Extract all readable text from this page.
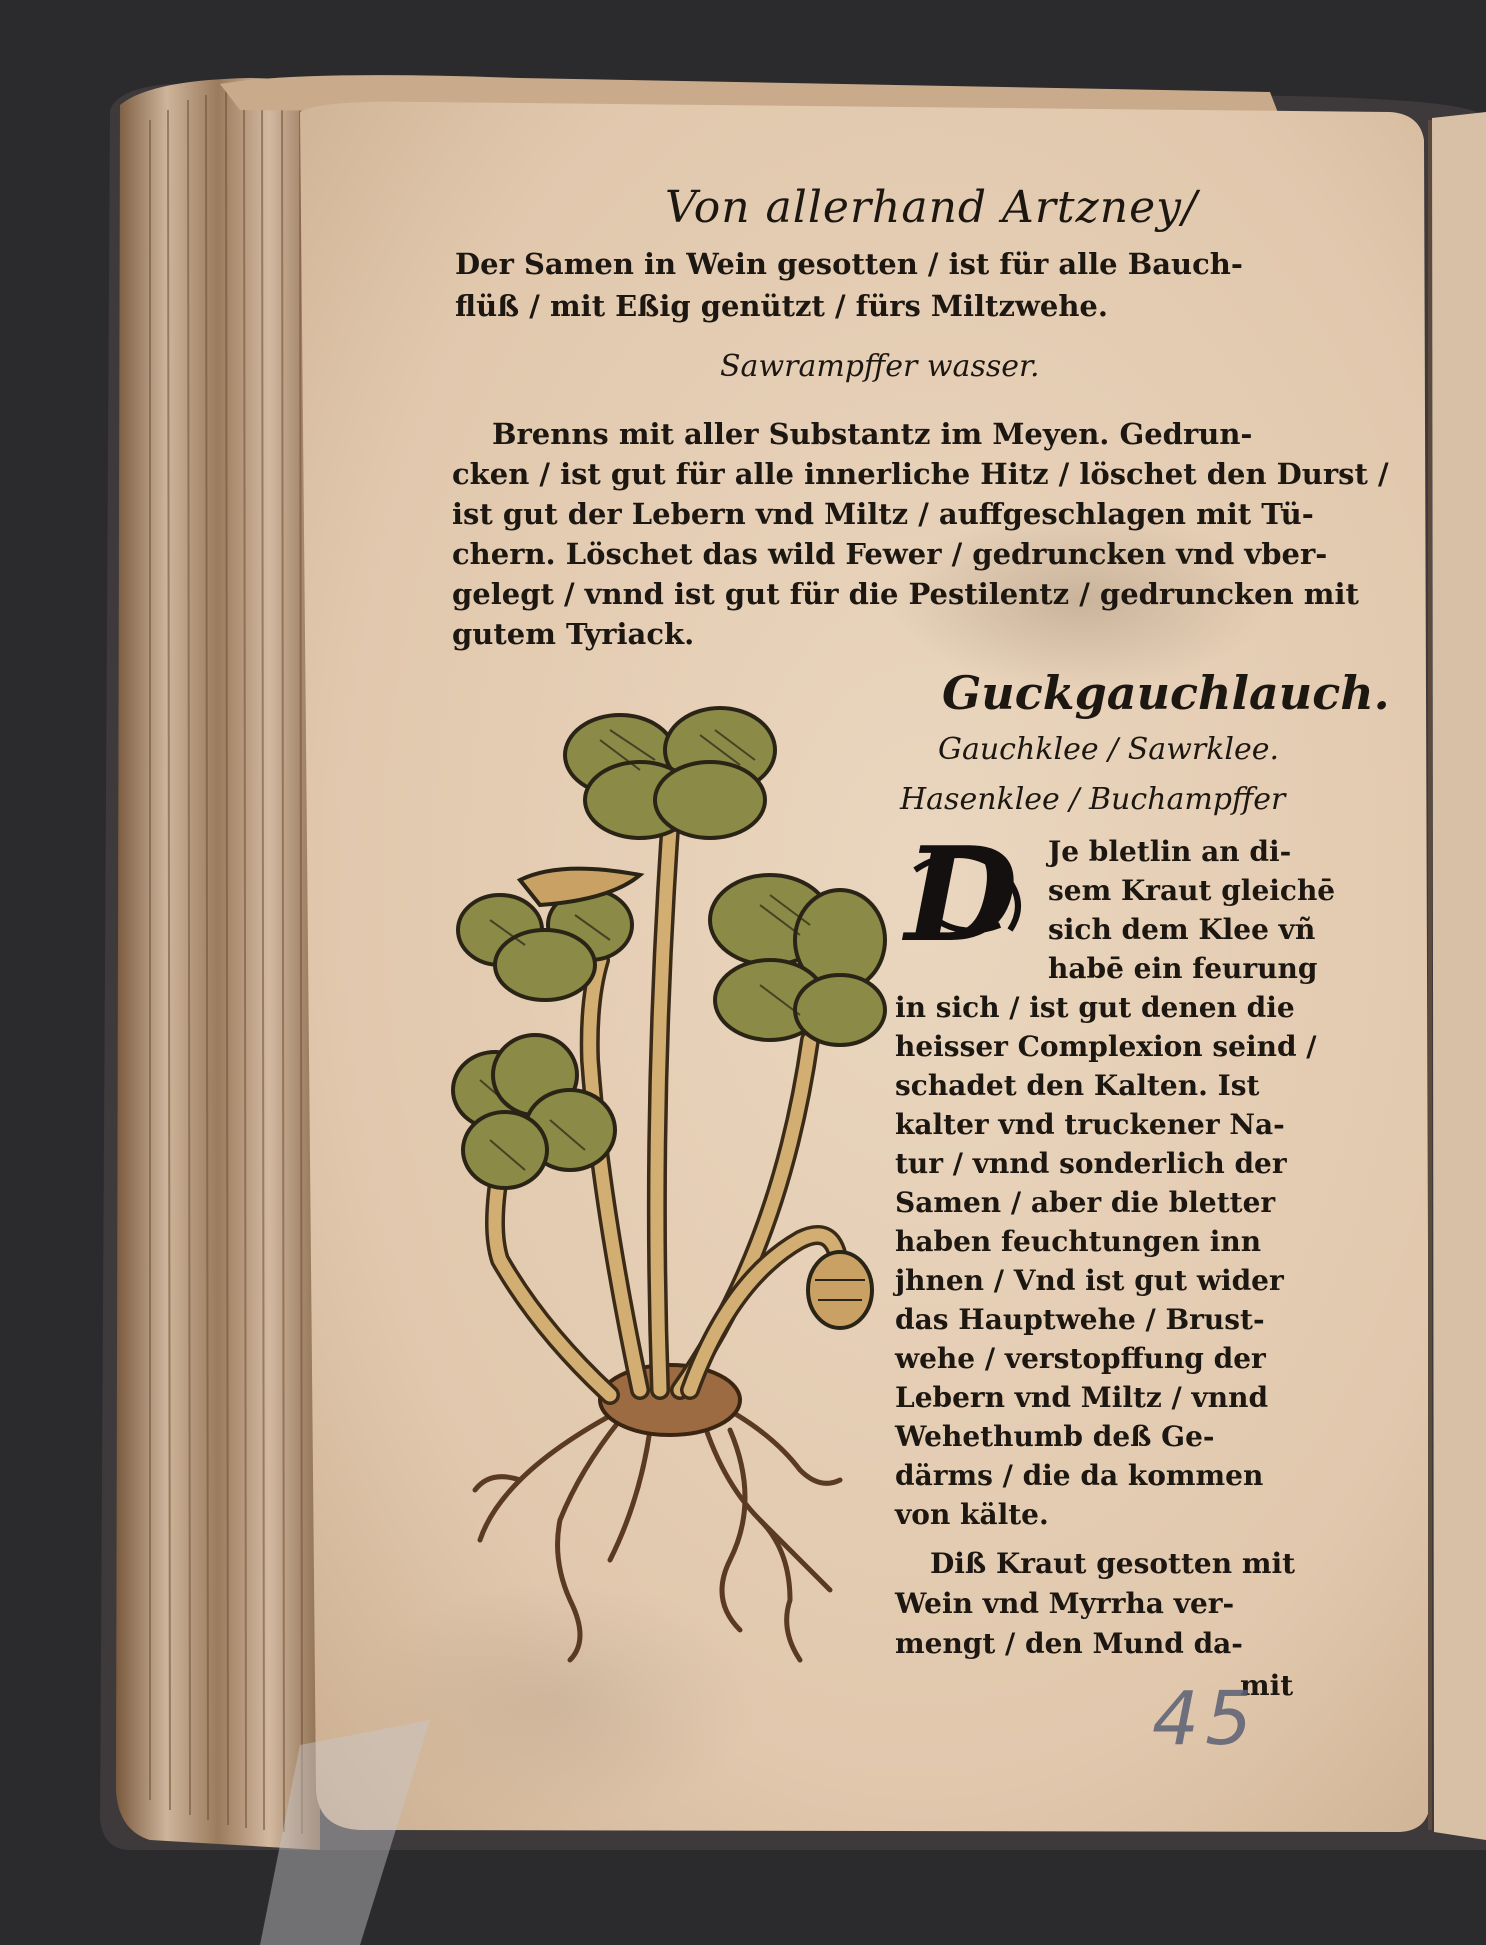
Von allerhand Artzney/
Der Samen in Wein gesotten / ist für alle Bauch-
flüß / mit Eßig genützt / fürs Miltzwehe.
Sawrampffer wasser.
Brenns mit aller Substantz im Meyen. Gedrun-
cken / ist gut für alle innerliche Hitz / löschet den Durst /
ist gut der Lebern vnd Miltz / auffgeschlagen mit Tü-
chern. Löschet das wild Fewer / gedruncken vnd vber-
gelegt / vnnd ist gut für die Pestilentz / gedruncken mit
gutem Tyriack.
Guckgauchlauch.
Gauchklee / Sawrklee.
Hasenklee / Buchampffer
D Je bletlin an di-
sem Kraut gleichē
sich dem Klee vñ
habē ein feurung
in sich / ist gut denen die
heisser Complexion seind /
schadet den Kalten. Ist
kalter vnd truckener Na-
tur / vnnd sonderlich der
Samen / aber die bletter
haben feuchtungen inn
jhnen / Vnd ist gut wider
das Hauptwehe / Brust-
wehe / verstopffung der
Lebern vnd Miltz / vnnd
Wehethumb deß Ge-
därms / die da kommen
von kälte.
Diß Kraut gesotten mit
Wein vnd Myrrha ver-
mengt / den Mund da-
mit
45
